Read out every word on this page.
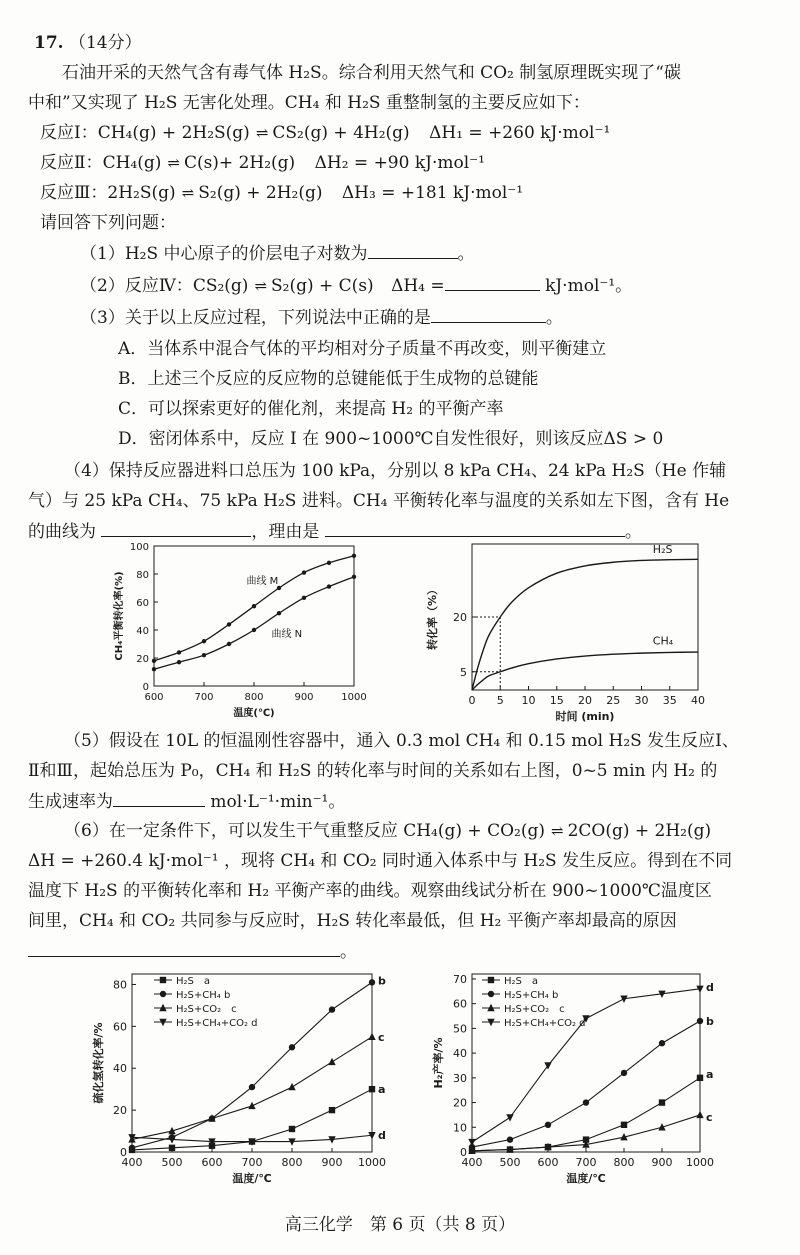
17. （14分）
石油开采的天然气含有毒气体 H₂S。综合利用天然气和 CO₂ 制氢原理既实现了“碳
中和”又实现了 H₂S 无害化处理。CH₄ 和 H₂S 重整制氢的主要反应如下：
反应Ⅰ：CH₄(g) + 2H₂S(g) ⇌ CS₂(g) + 4H₂(g) ΔH₁ = +260 kJ·mol⁻¹
反应Ⅱ：CH₄(g) ⇌ C(s)+ 2H₂(g) ΔH₂ = +90 kJ·mol⁻¹
反应Ⅲ：2H₂S(g) ⇌ S₂(g) + 2H₂(g) ΔH₃ = +181 kJ·mol⁻¹
请回答下列问题：
（1）H₂S 中心原子的价层电子对数为	。
（2）反应Ⅳ：CS₂(g) ⇌ S₂(g) + C(s) ΔH₄ =	kJ·mol⁻¹。
（3）关于以上反应过程，下列说法中正确的是	。
A．当体系中混合气体的平均相对分子质量不再改变，则平衡建立
B．上述三个反应的反应物的总键能低于生成物的总键能
C．可以探索更好的催化剂，来提高 H₂ 的平衡产率
D．密闭体系中，反应 I 在 900~1000℃自发性很好，则该反应ΔS > 0
（4）保持反应器进料口总压为 100 kPa，分别以 8 kPa CH₄、24 kPa H₂S（He 作辅
气）与 25 kPa CH₄、75 kPa H₂S 进料。CH₄ 平衡转化率与温度的关系如左下图，含有 He
的曲线为	，理由是	。
600	700	800	900	1000
0
20
40
60
80
100
温度(℃)
CH₄平衡转化率(%)	曲线 M
曲线 N
0 5 10 15 20 25 30 35 40
5
20
时间 (min)
转化率（%）
H₂S
CH₄
（5）假设在 10L 的恒温刚性容器中，通入 0.3 mol CH₄ 和 0.15 mol H₂S 发生反应Ⅰ、
Ⅱ和Ⅲ，起始总压为 P₀，CH₄ 和 H₂S 的转化率与时间的关系如右上图，0~5 min 内 H₂ 的
生成速率为	mol·L⁻¹·min⁻¹。
（6）在一定条件下，可以发生干气重整反应 CH₄(g) + CO₂(g) ⇌ 2CO(g) + 2H₂(g)
ΔH = +260.4 kJ·mol⁻¹ ，现将 CH₄ 和 CO₂ 同时通入体系中与 H₂S 发生反应。得到在不同
温度下 H₂S 的平衡转化率和 H₂ 平衡产率的曲线。观察曲线试分析在 900~1000℃温度区
间里，CH₄ 和 CO₂ 共同参与反应时，H₂S 转化率最低，但 H₂ 平衡产率却最高的原因
。
400 500 600 700 800 900 1000
0
20
40
60
80
温度/℃
硫化氢转化率/%	a
H₂S　a	b
H₂S+CH₄ b
c
H₂S+CO₂　c
d
H₂S+CH₄+CO₂ d
400 500 600 700 800 900 1000
0
10
20
30
40
50
60
70
温度/℃
H₂产率/%	a
H₂S　a
b
H₂S+CH₄ b
c
H₂S+CO₂　c
d
H₂S+CH₄+CO₂ d
高三化学　第 6 页（共 8 页）
